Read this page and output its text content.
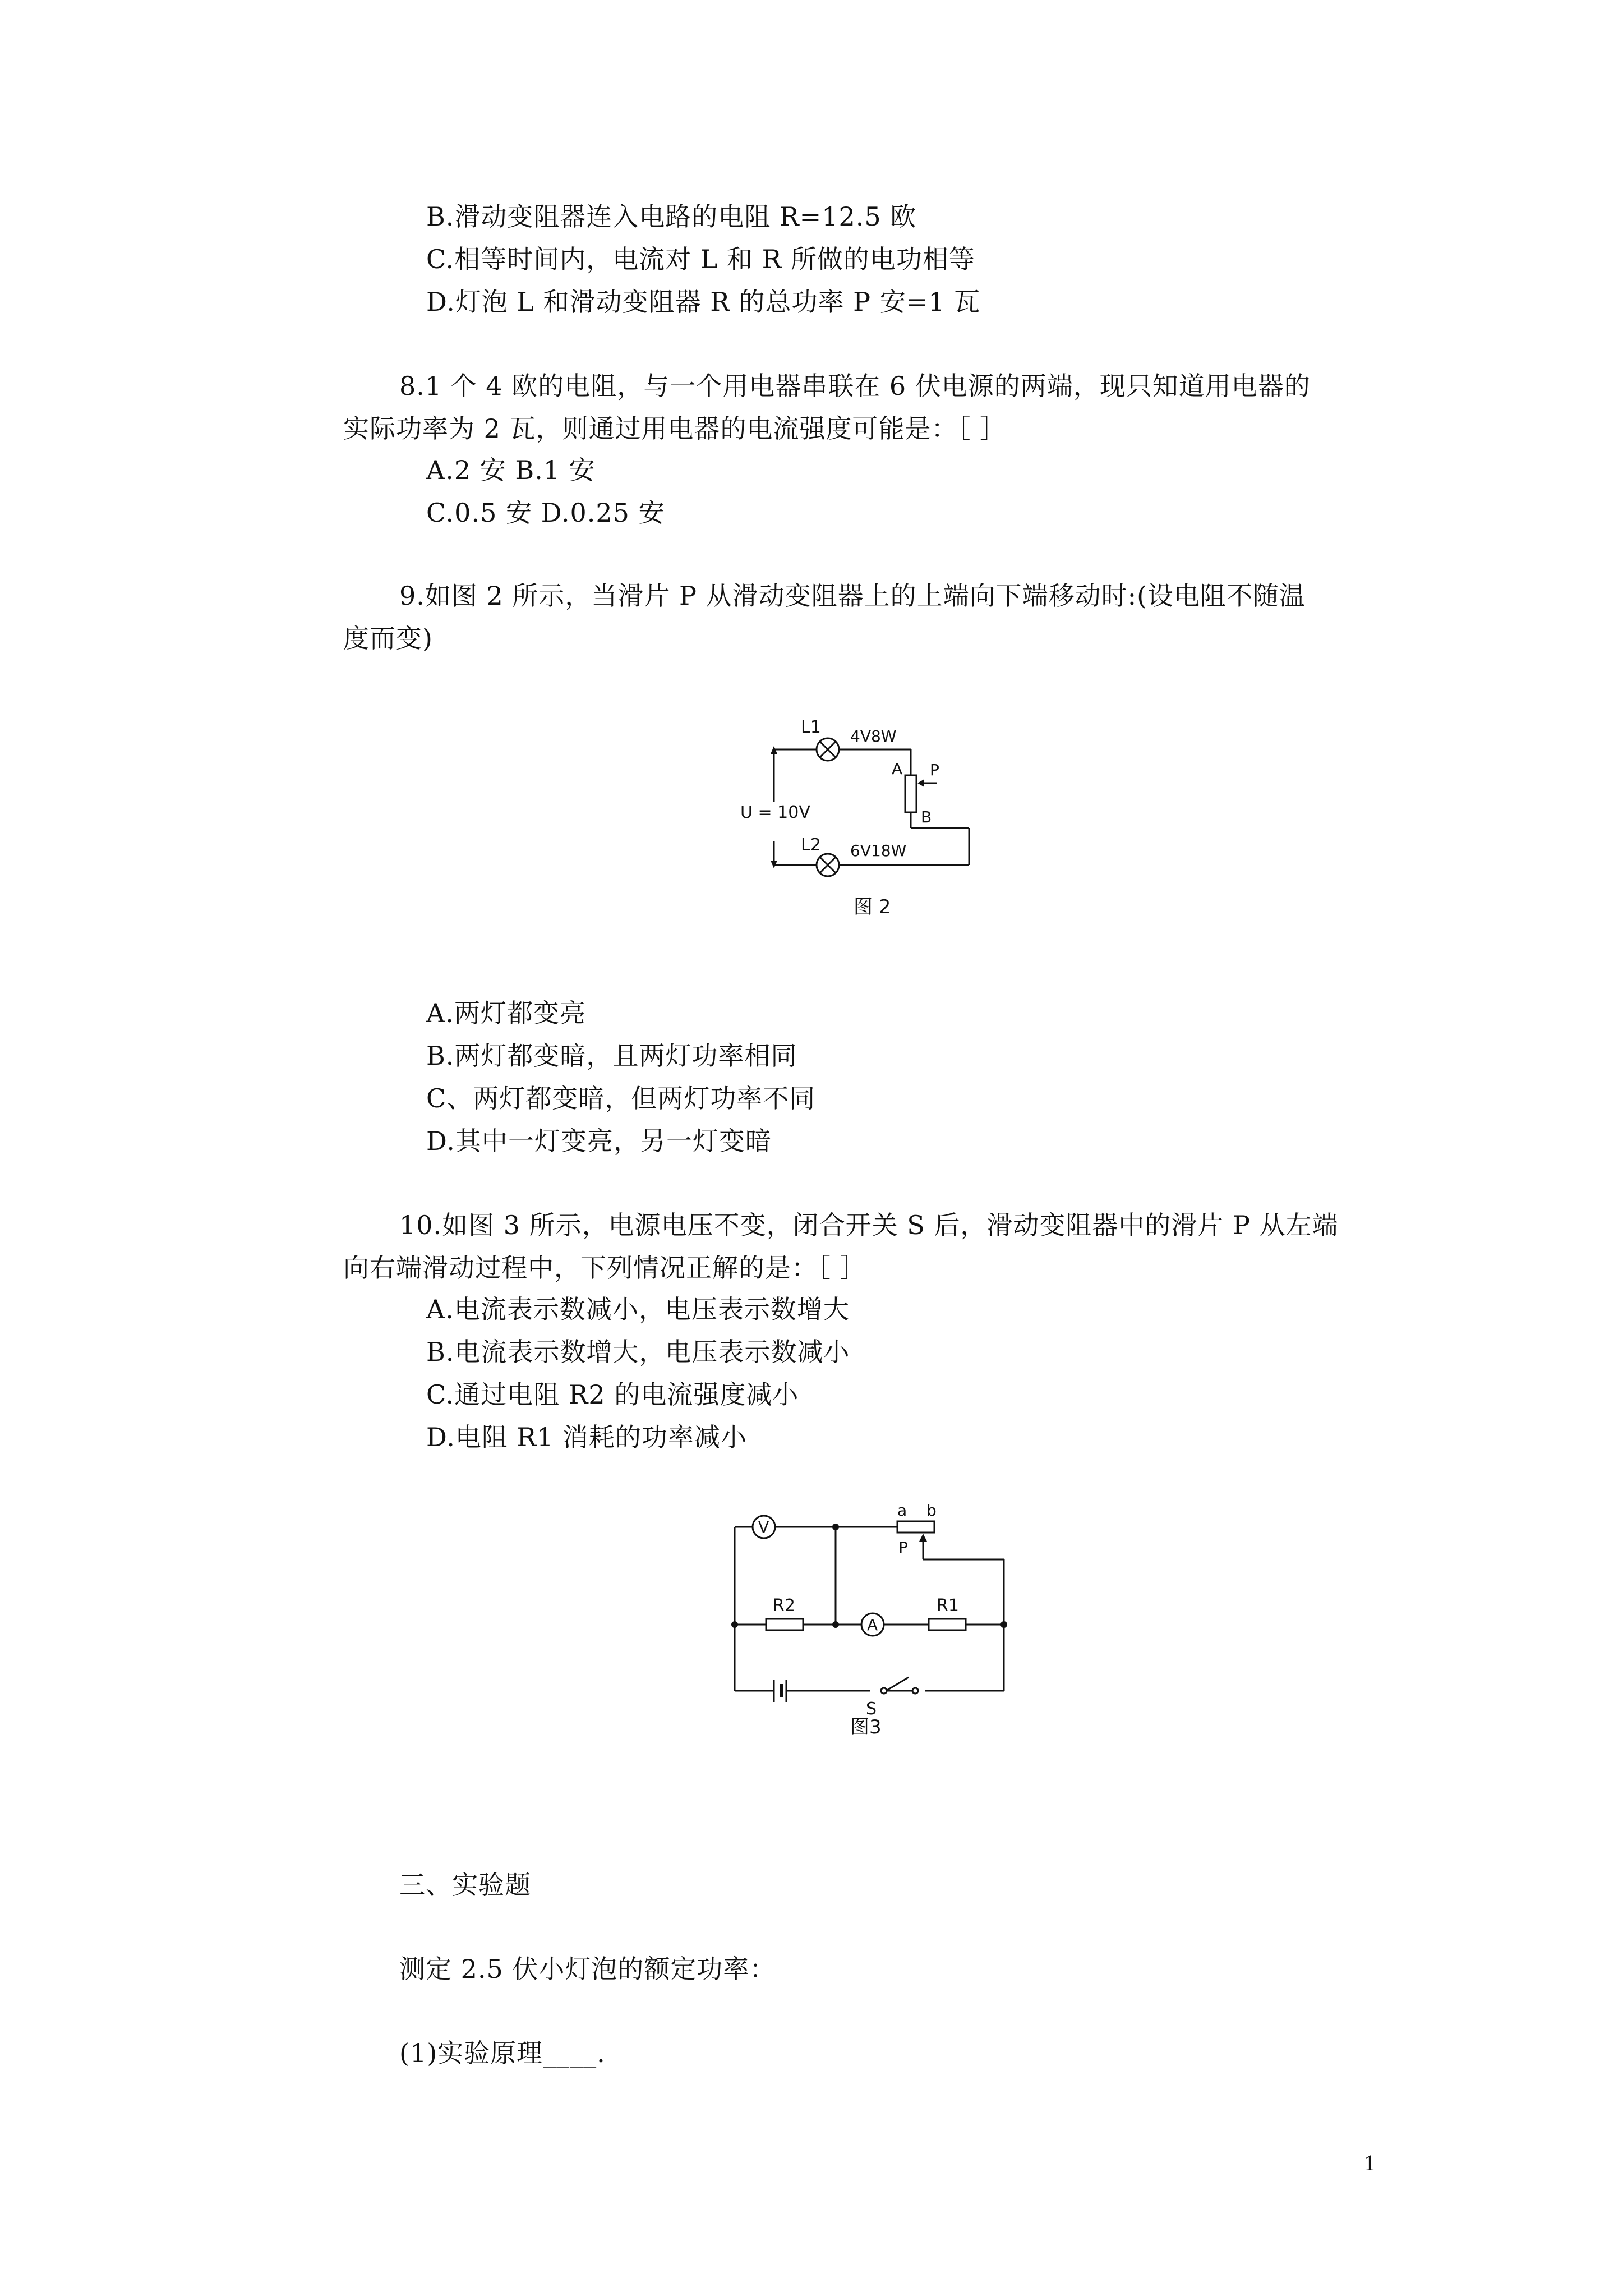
B.滑动变阻器连入电路的电阻 R=12.5 欧
C.相等时间内，电流对 L 和 R 所做的电功相等
D.灯泡 L 和滑动变阻器 R 的总功率 P 安=1 瓦
8.1 个 4 欧的电阻，与一个用电器串联在 6 伏电源的两端，现只知道用电器的
实际功率为 2 瓦，则通过用电器的电流强度可能是：［ ］
A.2 安 B.1 安
C.0.5 安 D.0.25 安
9.如图 2 所示，当滑片 P 从滑动变阻器上的上端向下端移动时:(设电阻不随温
度而变)
L1 4V8W
A P
B
U = 10V
L2 6V18W
图 2
A.两灯都变亮
B.两灯都变暗，且两灯功率相同
C、两灯都变暗，但两灯功率不同
D.其中一灯变亮，另一灯变暗
10.如图 3 所示，电源电压不变，闭合开关 S 后，滑动变阻器中的滑片 P 从左端
向右端滑动过程中，下列情况正解的是：［ ］
A.电流表示数减小，电压表示数增大
B.电流表示数增大，电压表示数减小
C.通过电阻 R2 的电流强度减小
D.电阻 R1 消耗的功率减小
V
A
a b
P
R2	R1
S
图3
三、实验题
测定 2.5 伏小灯泡的额定功率：
(1)实验原理____.
1
